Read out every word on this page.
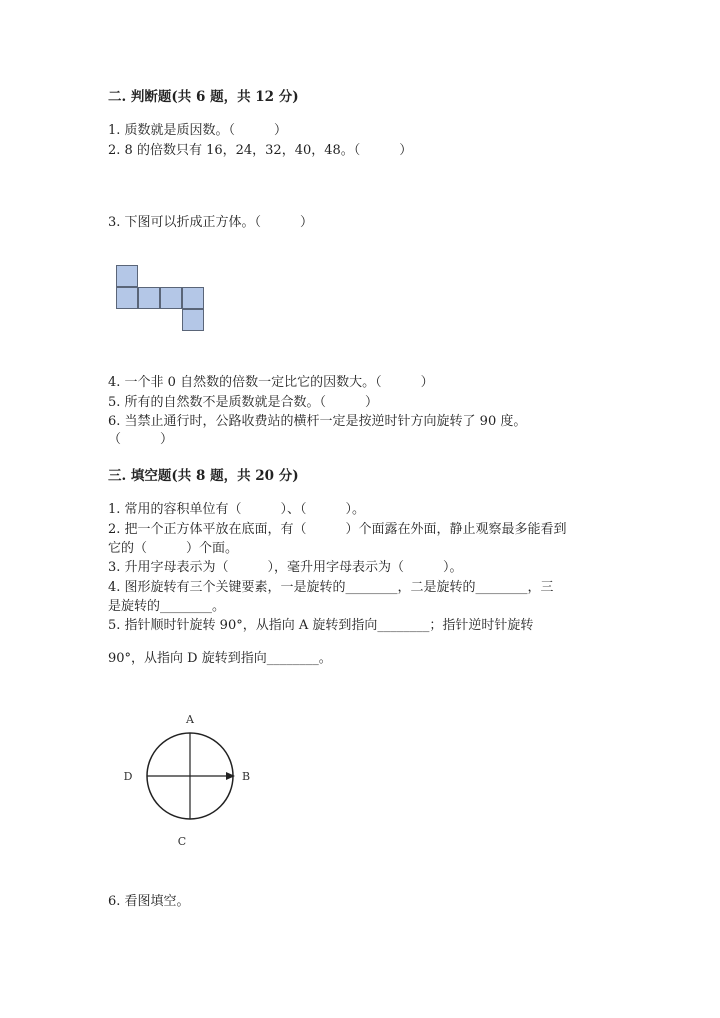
二. 判断题(共 6 题，共 12 分)
1. 质数就是质因数。（　　　）
2. 8 的倍数只有 16，24，32，40，48。（　　　）
3. 下图可以折成正方体。（　　　）
4. 一个非 0 自然数的倍数一定比它的因数大。（　　　）
5. 所有的自然数不是质数就是合数。（　　　）
6. 当禁止通行时，公路收费站的横杆一定是按逆时针方向旋转了 90 度。
（　　　）
三. 填空题(共 8 题，共 20 分)
1. 常用的容积单位有（　　　）、（　　　）。
2. 把一个正方体平放在底面，有（　　　）个面露在外面，静止观察最多能看到
它的（　　　）个面。
3. 升用字母表示为（　　　），毫升用字母表示为（　　　）。
4. 图形旋转有三个关键要素，一是旋转的________，二是旋转的________，三
是旋转的________。
5. 指针顺时针旋转 90°，从指向 A 旋转到指向________；指针逆时针旋转
90°，从指向 D 旋转到指向________。
A
B
C
D
6. 看图填空。
